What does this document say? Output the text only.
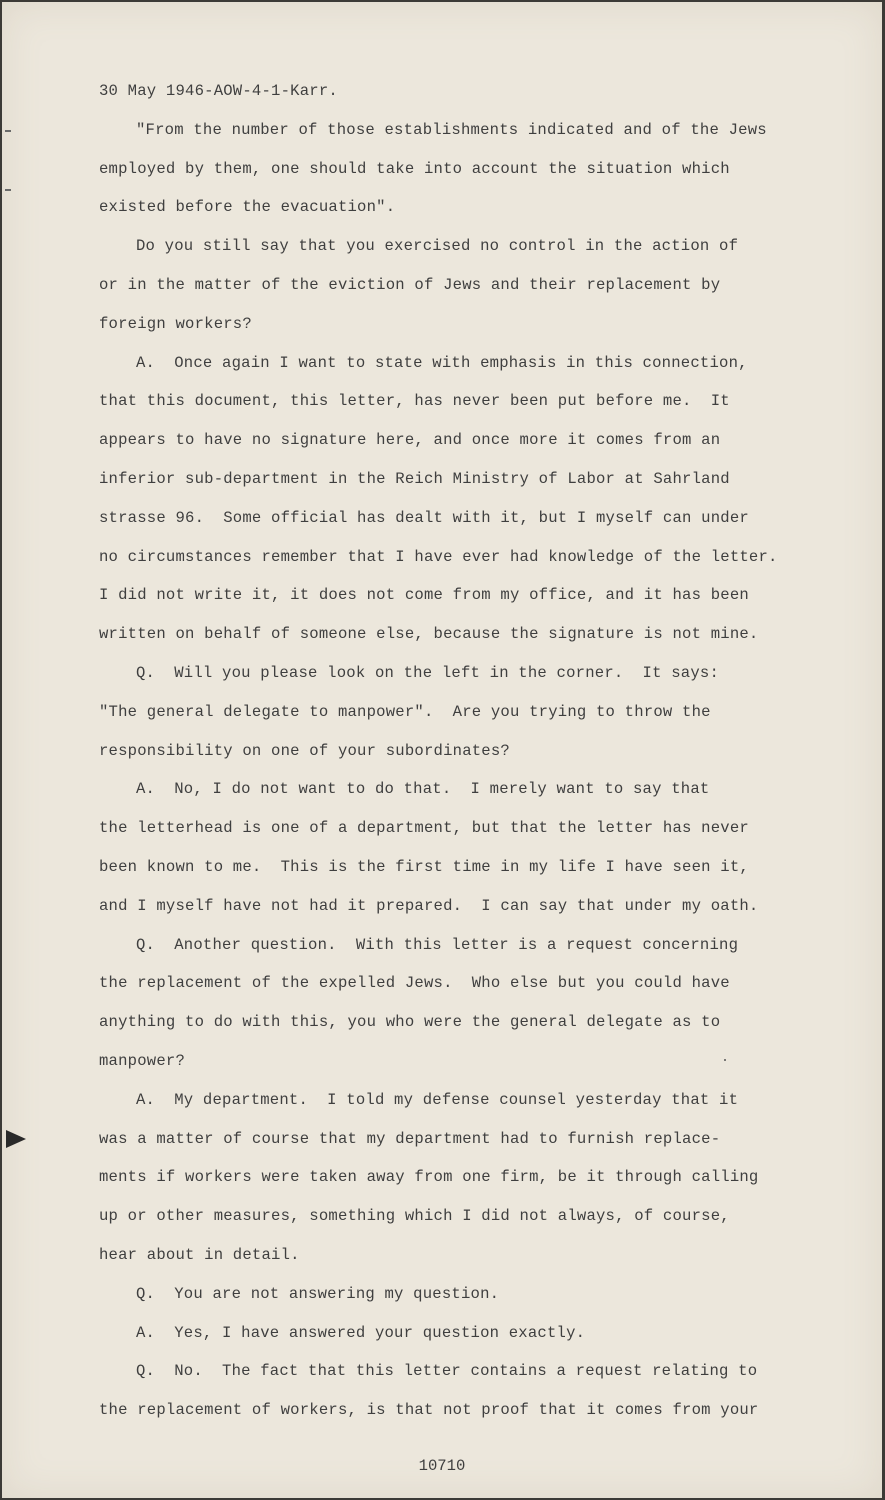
30 May 1946-AOW-4-1-Karr.
"From the number of those establishments indicated and of the Jews
employed by them, one should take into account the situation which
existed before the evacuation".
Do you still say that you exercised no control in the action of
or in the matter of the eviction of Jews and their replacement by
foreign workers?
A.  Once again I want to state with emphasis in this connection,
that this document, this letter, has never been put before me.  It
appears to have no signature here, and once more it comes from an
inferior sub-department in the Reich Ministry of Labor at Sahrland
strasse 96.  Some official has dealt with it, but I myself can under
no circumstances remember that I have ever had knowledge of the letter.
I did not write it, it does not come from my office, and it has been
written on behalf of someone else, because the signature is not mine.
Q.  Will you please look on the left in the corner.  It says:
"The general delegate to manpower".  Are you trying to throw the
responsibility on one of your subordinates?
A.  No, I do not want to do that.  I merely want to say that
the letterhead is one of a department, but that the letter has never
been known to me.  This is the first time in my life I have seen it,
and I myself have not had it prepared.  I can say that under my oath.
Q.  Another question.  With this letter is a request concerning
the replacement of the expelled Jews.  Who else but you could have
anything to do with this, you who were the general delegate as to
manpower?
A.  My department.  I told my defense counsel yesterday that it
was a matter of course that my department had to furnish replace-
ments if workers were taken away from one firm, be it through calling
up or other measures, something which I did not always, of course,
hear about in detail.
Q.  You are not answering my question.
A.  Yes, I have answered your question exactly.
Q.  No.  The fact that this letter contains a request relating to
the replacement of workers, is that not proof that it comes from your
10710
